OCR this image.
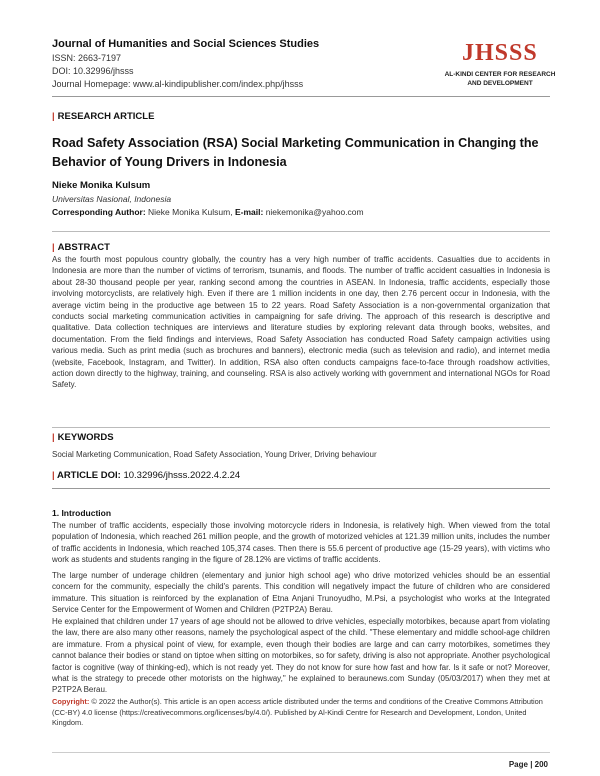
Journal of Humanities and Social Sciences Studies
ISSN: 2663-7197
DOI: 10.32996/jhsss
Journal Homepage: www.al-kindipublisher.com/index.php/jhsss
JHSSS
AL-KINDI CENTER FOR RESEARCH AND DEVELOPMENT
| RESEARCH ARTICLE
Road Safety Association (RSA) Social Marketing Communication in Changing the Behavior of Young Drivers in Indonesia
Nieke Monika Kulsum
Universitas Nasional, Indonesia
Corresponding Author: Nieke Monika Kulsum, E-mail: niekemonika@yahoo.com
| ABSTRACT
As the fourth most populous country globally, the country has a very high number of traffic accidents. Casualties due to accidents in Indonesia are more than the number of victims of terrorism, tsunamis, and floods. The number of traffic accident casualties in Indonesia is about 28-30 thousand people per year, ranking second among the countries in ASEAN. In Indonesia, traffic accidents, especially those involving motorcyclists, are relatively high. Even if there are 1 million incidents in one day, then 2.76 percent occur in Indonesia, with the average victim being in the productive age between 15 to 22 years. Road Safety Association is a non-governmental organization that conducts social marketing communication activities in campaigning for safe driving. The approach of this research is descriptive and qualitative. Data collection techniques are interviews and literature studies by exploring relevant data through books, websites, and documentation. From the field findings and interviews, Road Safety Association has conducted Road Safety campaign activities using various media. Such as print media (such as brochures and banners), electronic media (such as television and radio), and internet media (website, Facebook, Instagram, and Twitter). In addition, RSA also often conducts campaigns face-to-face through roadshow activities, action down directly to the highway, training, and counseling. RSA is also actively working with government and international NGOs for Road Safety.
| KEYWORDS
Social Marketing Communication, Road Safety Association, Young Driver, Driving behaviour
| ARTICLE DOI: 10.32996/jhsss.2022.4.2.24
1. Introduction
The number of traffic accidents, especially those involving motorcycle riders in Indonesia, is relatively high. When viewed from the total population of Indonesia, which reached 261 million people, and the growth of motorized vehicles at 121.39 million units, includes the number of traffic accidents in Indonesia, which reached 105,374 cases. Then there is 55.6 percent of productive age (15-29 years), with victims who work as students and students ranging in the figure of 28.12% are victims of traffic accidents.
The large number of underage children (elementary and junior high school age) who drive motorized vehicles should be an essential concern for the community, especially the child's parents. This condition will negatively impact the future of children who are considered immature. This situation is reinforced by the explanation of Etna Anjani Trunoyudho, M.Psi, a psychologist who works at the Integrated Service Center for the Empowerment of Women and Children (P2TP2A) Berau.
He explained that children under 17 years of age should not be allowed to drive vehicles, especially motorbikes, because apart from violating the law, there are also many other reasons, namely the psychological aspect of the child. "These elementary and middle school-age children are immature. From a physical point of view, for example, even though their bodies are large and can carry motorbikes, sometimes they cannot balance their bodies or stand on tiptoe when sitting on motorbikes, so for safety, driving is also not appropriate. Another psychological factor is cognitive (way of thinking-ed), which is not ready yet. They do not know for sure how fast and how far. Is it safe or not? Moreover, what is the strategy to precede other motorists on the highway," he explained to beraunews.com Sunday (05/03/2017) when they met at P2TP2A Berau.
Copyright: © 2022 the Author(s). This article is an open access article distributed under the terms and conditions of the Creative Commons Attribution (CC-BY) 4.0 license (https://creativecommons.org/licenses/by/4.0/). Published by Al-Kindi Centre for Research and Development, London, United Kingdom.
Page | 200
